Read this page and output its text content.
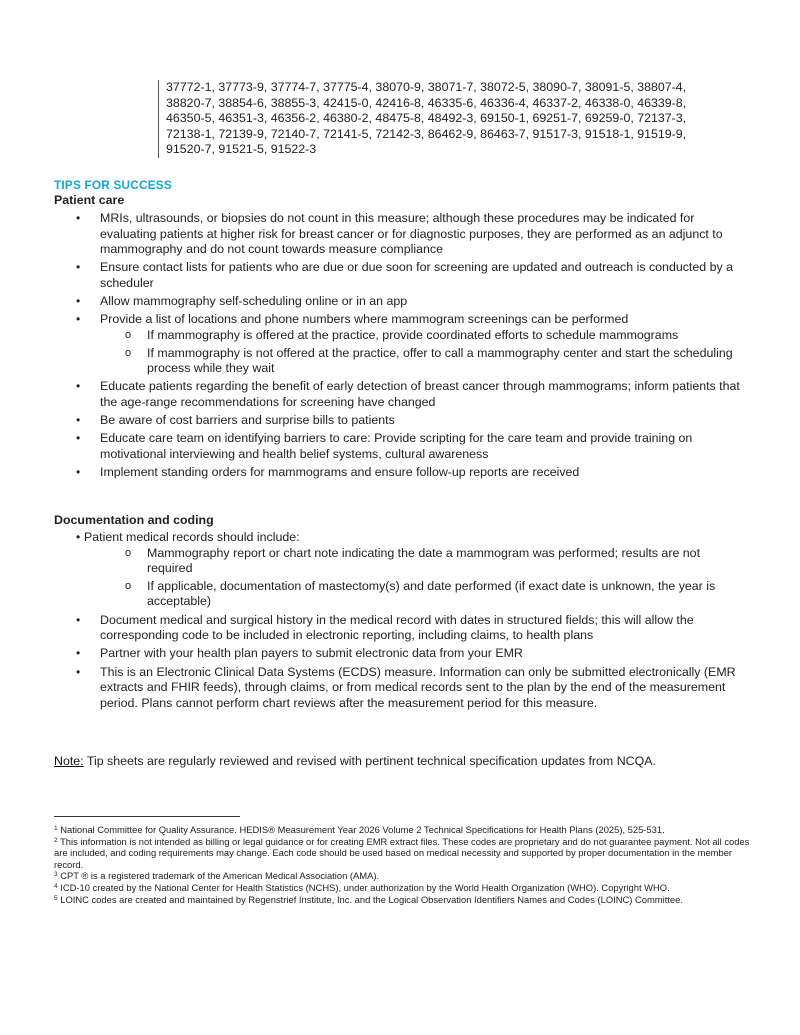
37772-1, 37773-9, 37774-7, 37775-4, 38070-9, 38071-7, 38072-5, 38090-7, 38091-5, 38807-4, 38820-7, 38854-6, 38855-3, 42415-0, 42416-8, 46335-6, 46336-4, 46337-2, 46338-0, 46339-8, 46350-5, 46351-3, 46356-2, 46380-2, 48475-8, 48492-3, 69150-1, 69251-7, 69259-0, 72137-3, 72138-1, 72139-9, 72140-7, 72141-5, 72142-3, 86462-9, 86463-7, 91517-3, 91518-1, 91519-9, 91520-7, 91521-5, 91522-3
TIPS FOR SUCCESS
Patient care
• MRIs, ultrasounds, or biopsies do not count in this measure; although these procedures may be indicated for evaluating patients at higher risk for breast cancer or for diagnostic purposes, they are performed as an adjunct to mammography and do not count towards measure compliance
• Ensure contact lists for patients who are due or due soon for screening are updated and outreach is conducted by a scheduler
• Allow mammography self-scheduling online or in an app
• Provide a list of locations and phone numbers where mammogram screenings can be performed
o If mammography is offered at the practice, provide coordinated efforts to schedule mammograms
o If mammography is not offered at the practice, offer to call a mammography center and start the scheduling process while they wait
• Educate patients regarding the benefit of early detection of breast cancer through mammograms; inform patients that the age-range recommendations for screening have changed
• Be aware of cost barriers and surprise bills to patients
• Educate care team on identifying barriers to care: Provide scripting for the care team and provide training on motivational interviewing and health belief systems, cultural awareness
• Implement standing orders for mammograms and ensure follow-up reports are received
Documentation and coding
• Patient medical records should include:
o Mammography report or chart note indicating the date a mammogram was performed; results are not required
o If applicable, documentation of mastectomy(s) and date performed (if exact date is unknown, the year is acceptable)
• Document medical and surgical history in the medical record with dates in structured fields; this will allow the corresponding code to be included in electronic reporting, including claims, to health plans
• Partner with your health plan payers to submit electronic data from your EMR
• This is an Electronic Clinical Data Systems (ECDS) measure. Information can only be submitted electronically (EMR extracts and FHIR feeds), through claims, or from medical records sent to the plan by the end of the measurement period. Plans cannot perform chart reviews after the measurement period for this measure.
Note: Tip sheets are regularly reviewed and revised with pertinent technical specification updates from NCQA.

$^1$ National Committee for Quality Assurance. HEDIS® Measurement Year 2026 Volume 2 Technical Specifications for Health Plans (2025), 525-531.

$^2$ This information is not intended as billing or legal guidance or for creating EMR extract files. These codes are proprietary and do not guarantee payment. Not all codes are included, and coding requirements may change. Each code should be used based on medical necessity and supported by proper documentation in the member record.

$^3$ CPT ® is a registered trademark of the American Medical Association (AMA).

$^4$ ICD-10 created by the National Center for Health Statistics (NCHS), under authorization by the World Health Organization (WHO). Copyright WHO.

$^5$ LOINC codes are created and maintained by Regenstrief Institute, Inc. and the Logical Observation Identifiers Names and Codes (LOINC) Committee.
